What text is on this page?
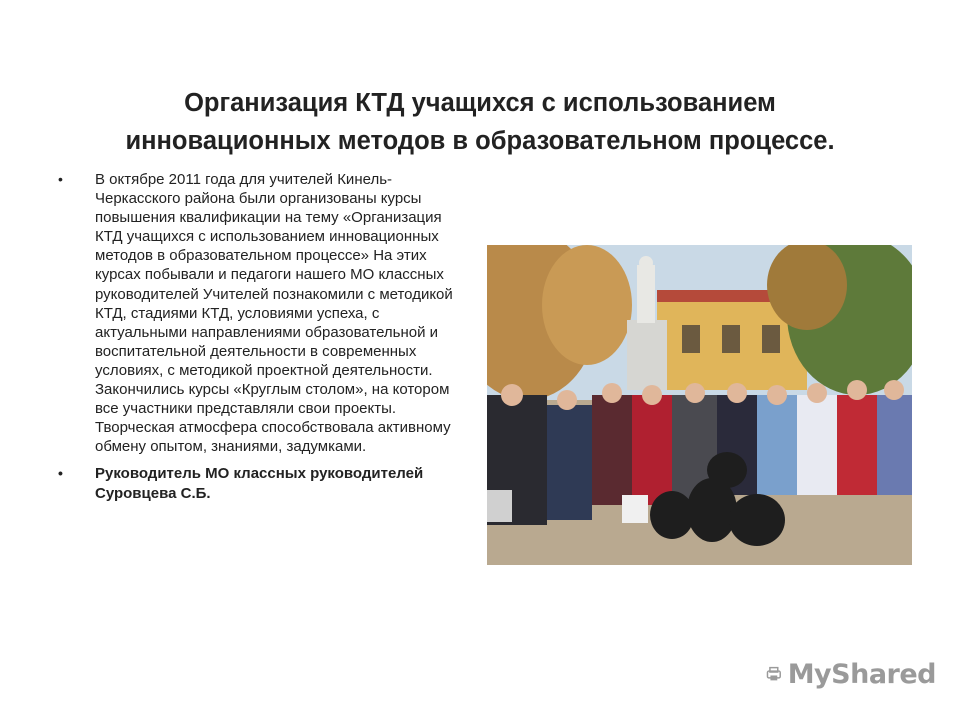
Организация КТД учащихся с использованием инновационных методов в образовательном процессе.
• В октябре 2011 года для учителей Кинель-Черкасского района были организованы курсы повышения квалификации на тему «Организация КТД учащихся с использованием инновационных методов в образовательном процессе» На этих курсах побывали и педагоги нашего МО классных руководителей Учителей познакомили с методикой КТД, стадиями КТД, условиями успеха, с актуальными направлениями образовательной и воспитательной деятельности в современных условиях, с методикой проектной деятельности. Закончились курсы «Круглым столом», на котором все участники представляли свои проекты. Творческая атмосфера способствовала активному обмену опытом, знаниями, задумками.
• Руководитель МО классных руководителей Суровцева С.Б.
MyShared
